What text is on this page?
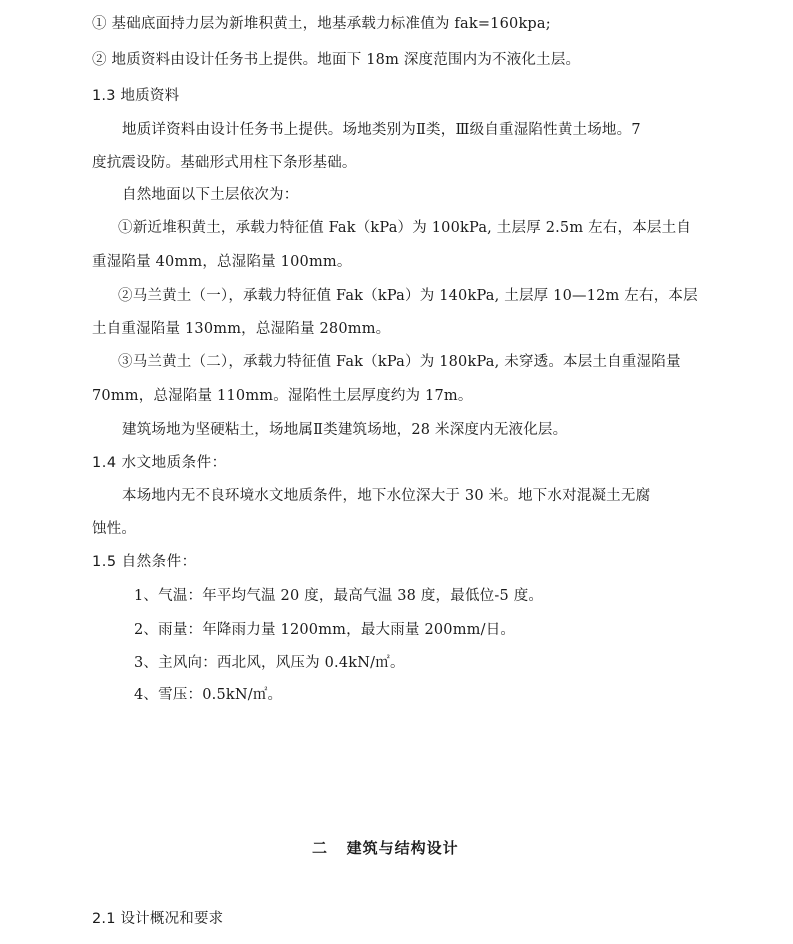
① 基础底面持力层为新堆积黄土，地基承载力标准值为 fak=160kpa;
② 地质资料由设计任务书上提供。地面下 18m 深度范围内为不液化土层。
1.3 地质资料
地质详资料由设计任务书上提供。场地类别为Ⅱ类，Ⅲ级自重湿陷性黄土场地。7
度抗震设防。基础形式用柱下条形基础。
自然地面以下土层依次为：
①新近堆积黄土，承载力特征值 Fak（kPa）为 100kPa, 土层厚 2.5m 左右，本层土自
重湿陷量 40mm，总湿陷量 100mm。
②马兰黄土（一），承载力特征值 Fak（kPa）为 140kPa, 土层厚 10—12m 左右，本层
土自重湿陷量 130mm，总湿陷量 280mm。
③马兰黄土（二），承载力特征值 Fak（kPa）为 180kPa, 未穿透。本层土自重湿陷量
70mm，总湿陷量 110mm。湿陷性土层厚度约为 17m。
建筑场地为坚硬粘土，场地属Ⅱ类建筑场地，28 米深度内无液化层。
1.4 水文地质条件：
本场地内无不良环境水文地质条件，地下水位深大于 30 米。地下水对混凝土无腐
蚀性。
1.5 自然条件：
1、气温：年平均气温 20 度，最高气温 38 度，最低位-5 度。
2、雨量：年降雨力量 1200mm，最大雨量 200mm/日。
3、主风向：西北风，风压为 0.4kN/㎡。
4、雪压：0.5kN/㎡。
二   建筑与结构设计
2.1 设计概况和要求
